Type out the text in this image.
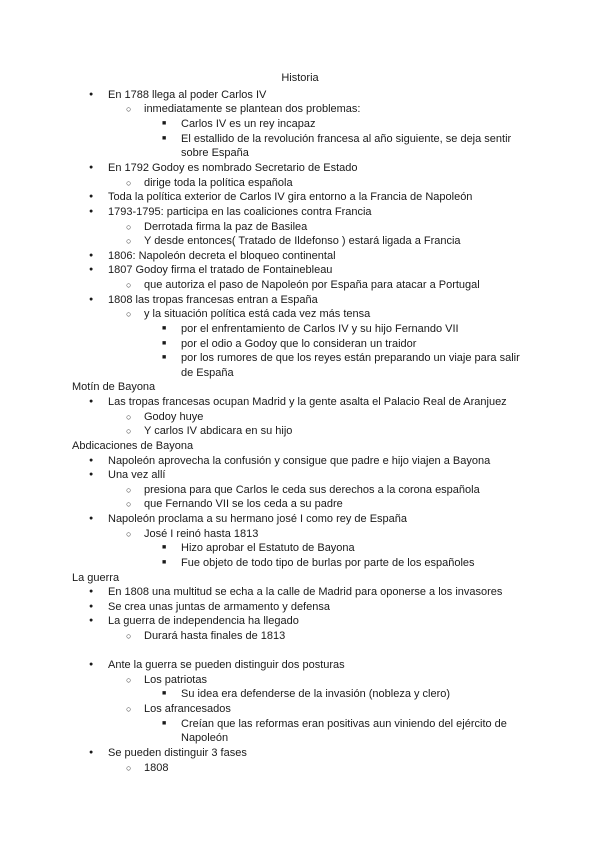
Historia
● En 1788 llega al poder Carlos IV
○ inmediatamente se plantean dos problemas:
■ Carlos IV es un rey incapaz
■ El estallido de la revolución francesa al año siguiente, se deja sentir
sobre España
● En 1792 Godoy es nombrado Secretario de Estado
○ dirige toda la política española
● Toda la política exterior de Carlos IV gira entorno a la Francia de Napoleón
● 1793-1795: participa en las coaliciones contra Francia
○ Derrotada firma la paz de Basilea
○ Y desde entonces( Tratado de Ildefonso ) estará ligada a Francia
● 1806: Napoleón decreta el bloqueo continental
● 1807 Godoy firma el tratado de Fontainebleau
○ que autoriza el paso de Napoleón por España para atacar a Portugal
● 1808 las tropas francesas entran a España
○ y la situación política está cada vez más tensa
■ por el enfrentamiento de Carlos IV y su hijo Fernando VII
■ por el odio a Godoy que lo consideran un traidor
■ por los rumores de que los reyes están preparando un viaje para salir
de España
Motín de Bayona
● Las tropas francesas ocupan Madrid y la gente asalta el Palacio Real de Aranjuez
○ Godoy huye
○ Y carlos IV abdicara en su hijo
Abdicaciones de Bayona
● Napoleón aprovecha la confusión y consigue que padre e hijo viajen a Bayona
● Una vez allí
○ presiona para que Carlos le ceda sus derechos a la corona española
○ que Fernando VII se los ceda a su padre
● Napoleón proclama a su hermano josé I como rey de España
○ José I reinó hasta 1813
■ Hizo aprobar el Estatuto de Bayona
■ Fue objeto de todo tipo de burlas por parte de los españoles
La guerra
● En 1808 una multitud se echa a la calle de Madrid para oponerse a los invasores
● Se crea unas juntas de armamento y defensa
● La guerra de independencia ha llegado
○ Durará hasta finales de 1813
● Ante la guerra se pueden distinguir dos posturas
○ Los patriotas
■ Su idea era defenderse de la invasión (nobleza y clero)
○ Los afrancesados
■ Creían que las reformas eran positivas aun viniendo del ejército de
Napoleón
● Se pueden distinguir 3 fases
○ 1808
